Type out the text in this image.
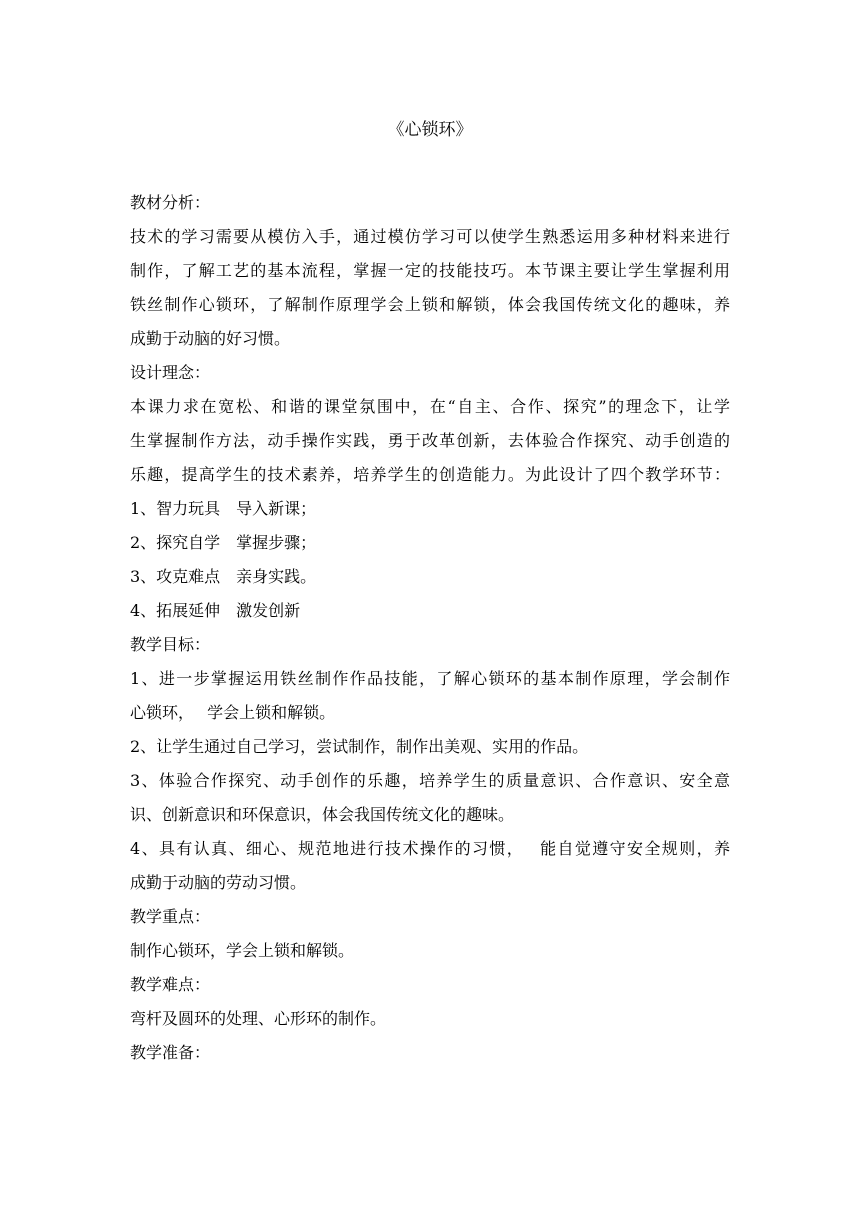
《心锁环》
教材分析：
技术的学习需要从模仿入手，通过模仿学习可以使学生熟悉运用多种材料来进行
制作，了解工艺的基本流程，掌握一定的技能技巧。本节课主要让学生掌握利用
铁丝制作心锁环，了解制作原理学会上锁和解锁，体会我国传统文化的趣味，养
成勤于动脑的好习惯。
设计理念：
本课力求在宽松、和谐的课堂氛围中，在“自主、合作、探究”的理念下，让学
生掌握制作方法，动手操作实践，勇于改革创新，去体验合作探究、动手创造的
乐趣，提高学生的技术素养，培养学生的创造能力。为此设计了四个教学环节：
1、智力玩具　导入新课；
2、探究自学　掌握步骤；
3、攻克难点　亲身实践。
4、拓展延伸　激发创新
教学目标：
1、进一步掌握运用铁丝制作作品技能，了解心锁环的基本制作原理，学会制作
心锁环，　 学会上锁和解锁。
2、让学生通过自己学习，尝试制作，制作出美观、实用的作品。
3、体验合作探究、动手创作的乐趣，培养学生的质量意识、合作意识、安全意
识、创新意识和环保意识，体会我国传统文化的趣味。
4、具有认真、细心、规范地进行技术操作的习惯，　 能自觉遵守安全规则，养
成勤于动脑的劳动习惯。
教学重点：
制作心锁环，学会上锁和解锁。
教学难点：
弯杆及圆环的处理、心形环的制作。
教学准备：
